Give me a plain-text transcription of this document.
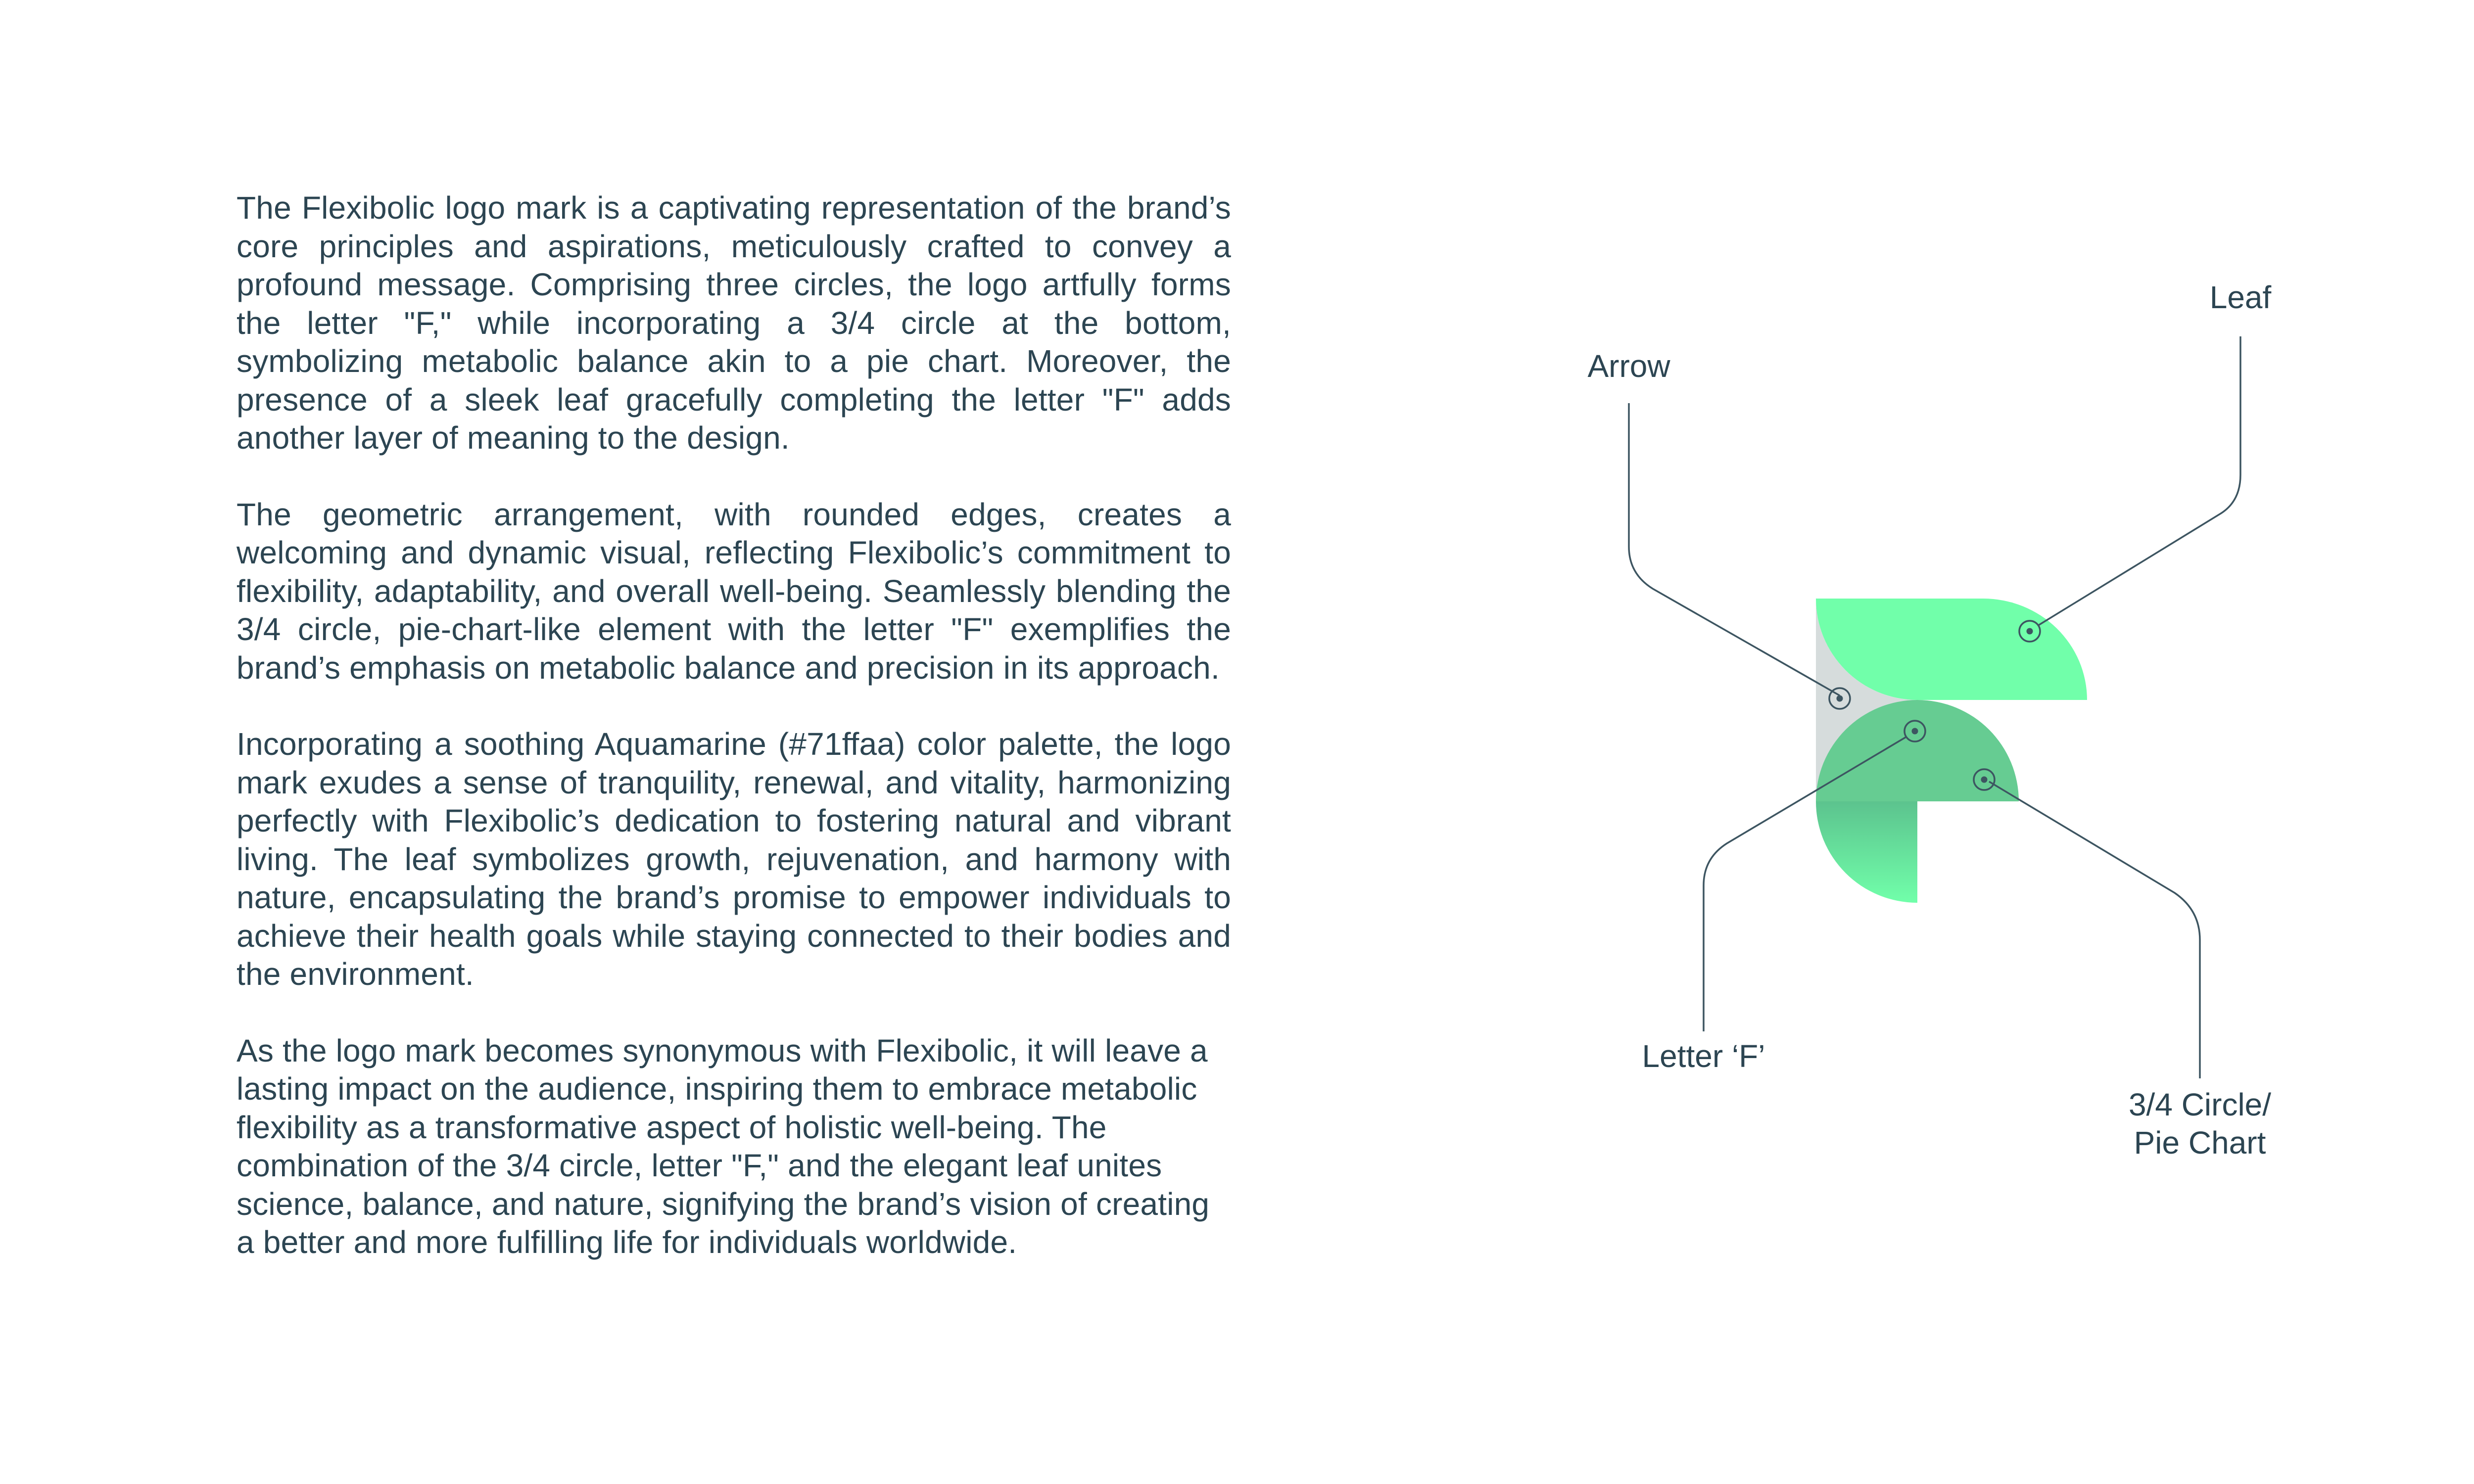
The Flexibolic logo mark is a captivating representation of the brand’s core principles and aspirations, meticulously crafted to convey a profound message. Comprising three circles, the logo artfully forms the letter "F," while incorporating a 3/4 circle at the bottom, symbolizing metabolic balance akin to a pie chart. Moreover, the presence of a sleek leaf gracefully completing the letter "F" adds another layer of meaning to the design.

The geometric arrangement, with rounded edges, creates a welcoming and dynamic visual, reflecting Flexibolic’s commitment to flexibility, adaptability, and overall well-being. Seamlessly blending the 3/4 circle, pie-chart-like element with the letter "F" exemplifies the brand’s emphasis on metabolic balance and precision in its approach.

Incorporating a soothing Aquamarine (#71ffaa) color palette, the logo mark exudes a sense of tranquility, renewal, and vitality, harmonizing perfectly with Flexibolic’s dedication to fostering natural and vibrant living. The leaf symbolizes growth, rejuvenation, and harmony with nature, encapsulating the brand’s promise to empower individuals to achieve their health goals while staying connected to their bodies and the environment.

As the logo mark becomes synonymous with Flexibolic, it will leave a lasting impact on the audience, inspiring them to embrace metabolic flexibility as a transformative aspect of holistic well-being. The combination of the 3/4 circle, letter "F," and the elegant leaf unites science, balance, and nature, signifying the brand’s vision of creating a better and more fulfilling life for individuals worldwide.

Arrow
Leaf
Letter ‘F’
3/4 Circle/
Pie Chart
